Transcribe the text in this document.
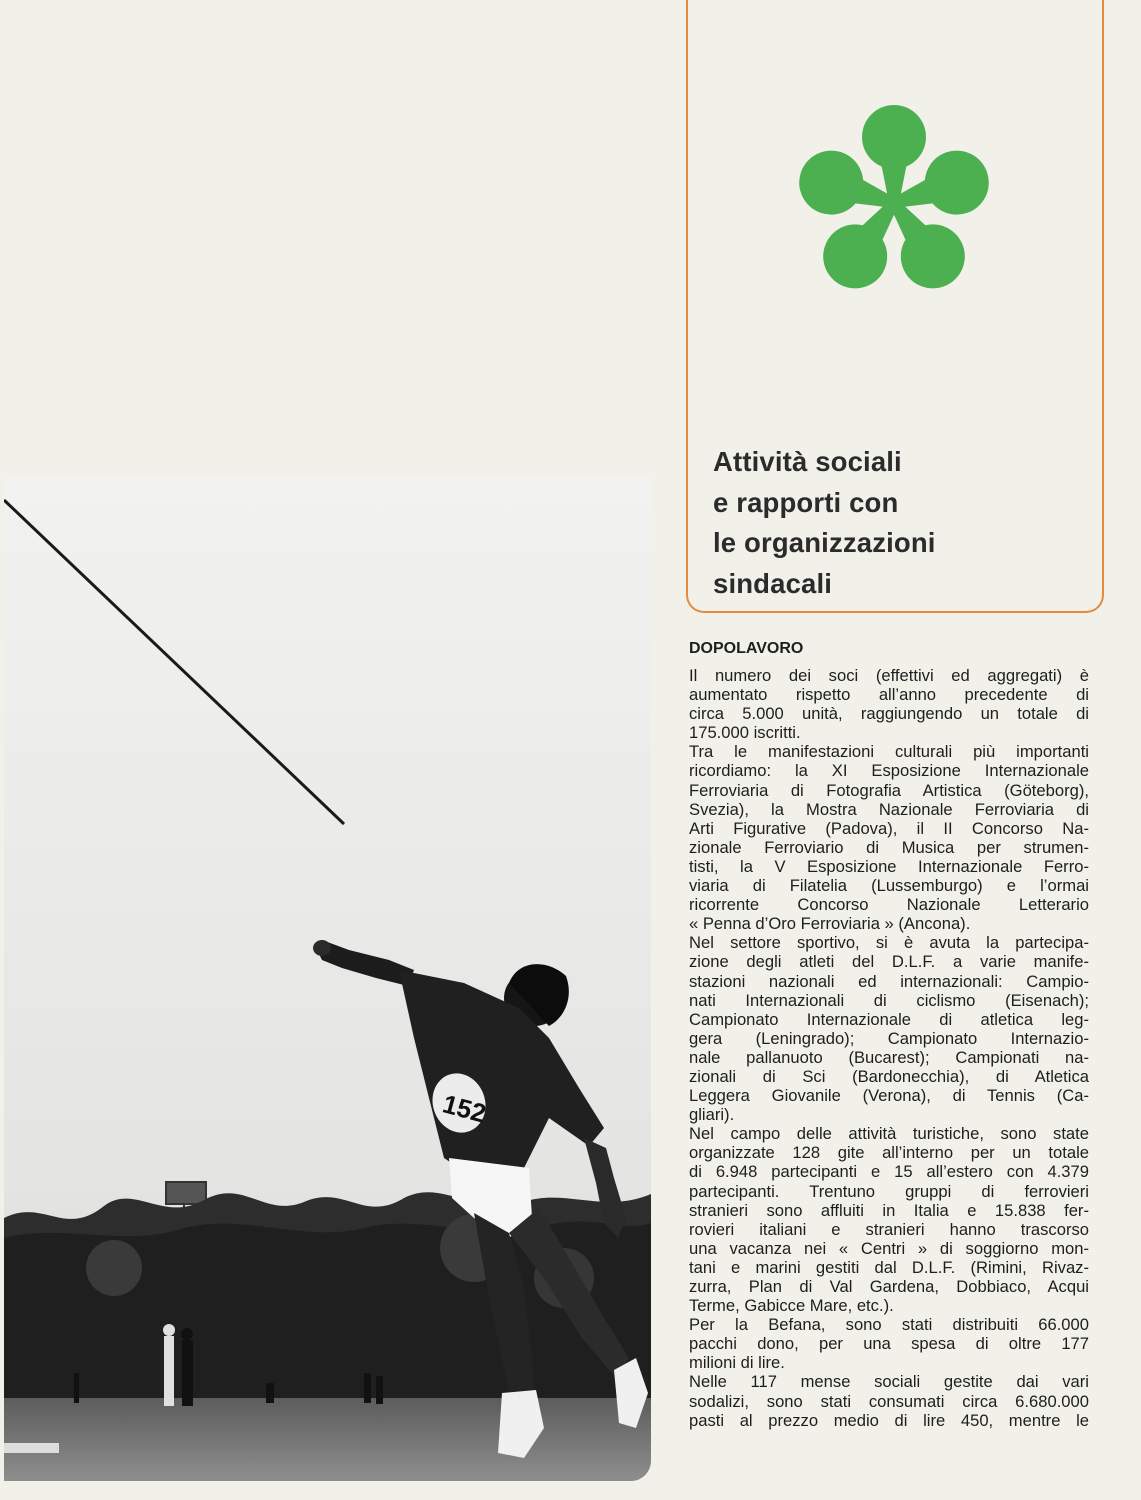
152
Attività sociali
e rapporti con
le organizzazioni
sindacali
DOPOLAVORO

Il numero dei soci (effettivi ed aggregati) è
aumentato rispetto all’anno precedente di
circa 5.000 unità, raggiungendo un totale di
175.000 iscritti.

Tra le manifestazioni culturali più importanti
ricordiamo: la XI Esposizione Internazionale
Ferroviaria di Fotografia Artistica (Göteborg),
Svezia), la Mostra Nazionale Ferroviaria di
Arti Figurative (Padova), il II Concorso Na-
zionale Ferroviario di Musica per strumen-
tisti, la V Esposizione Internazionale Ferro-
viaria di Filatelia (Lussemburgo) e l’ormai
ricorrente Concorso Nazionale Letterario
« Penna d’Oro Ferroviaria » (Ancona).

Nel settore sportivo, si è avuta la partecipa-
zione degli atleti del D.L.F. a varie manife-
stazioni nazionali ed internazionali: Campio-
nati Internazionali di ciclismo (Eisenach);
Campionato Internazionale di atletica leg-
gera (Leningrado); Campionato Internazio-
nale pallanuoto (Bucarest); Campionati na-
zionali di Sci (Bardonecchia), di Atletica
Leggera Giovanile (Verona), di Tennis (Ca-
gliari).

Nel campo delle attività turistiche, sono state
organizzate 128 gite all’interno per un totale
di 6.948 partecipanti e 15 all’estero con 4.379
partecipanti. Trentuno gruppi di ferrovieri
stranieri sono affluiti in Italia e 15.838 fer-
rovieri italiani e stranieri hanno trascorso
una vacanza nei « Centri » di soggiorno mon-
tani e marini gestiti dal D.L.F. (Rimini, Rivaz-
zurra, Plan di Val Gardena, Dobbiaco, Acqui
Terme, Gabicce Mare, etc.).

Per la Befana, sono stati distribuiti 66.000
pacchi dono, per una spesa di oltre 177
milioni di lire.

Nelle 117 mense sociali gestite dai vari
sodalizi, sono stati consumati circa 6.680.000
pasti al prezzo medio di lire 450, mentre le
